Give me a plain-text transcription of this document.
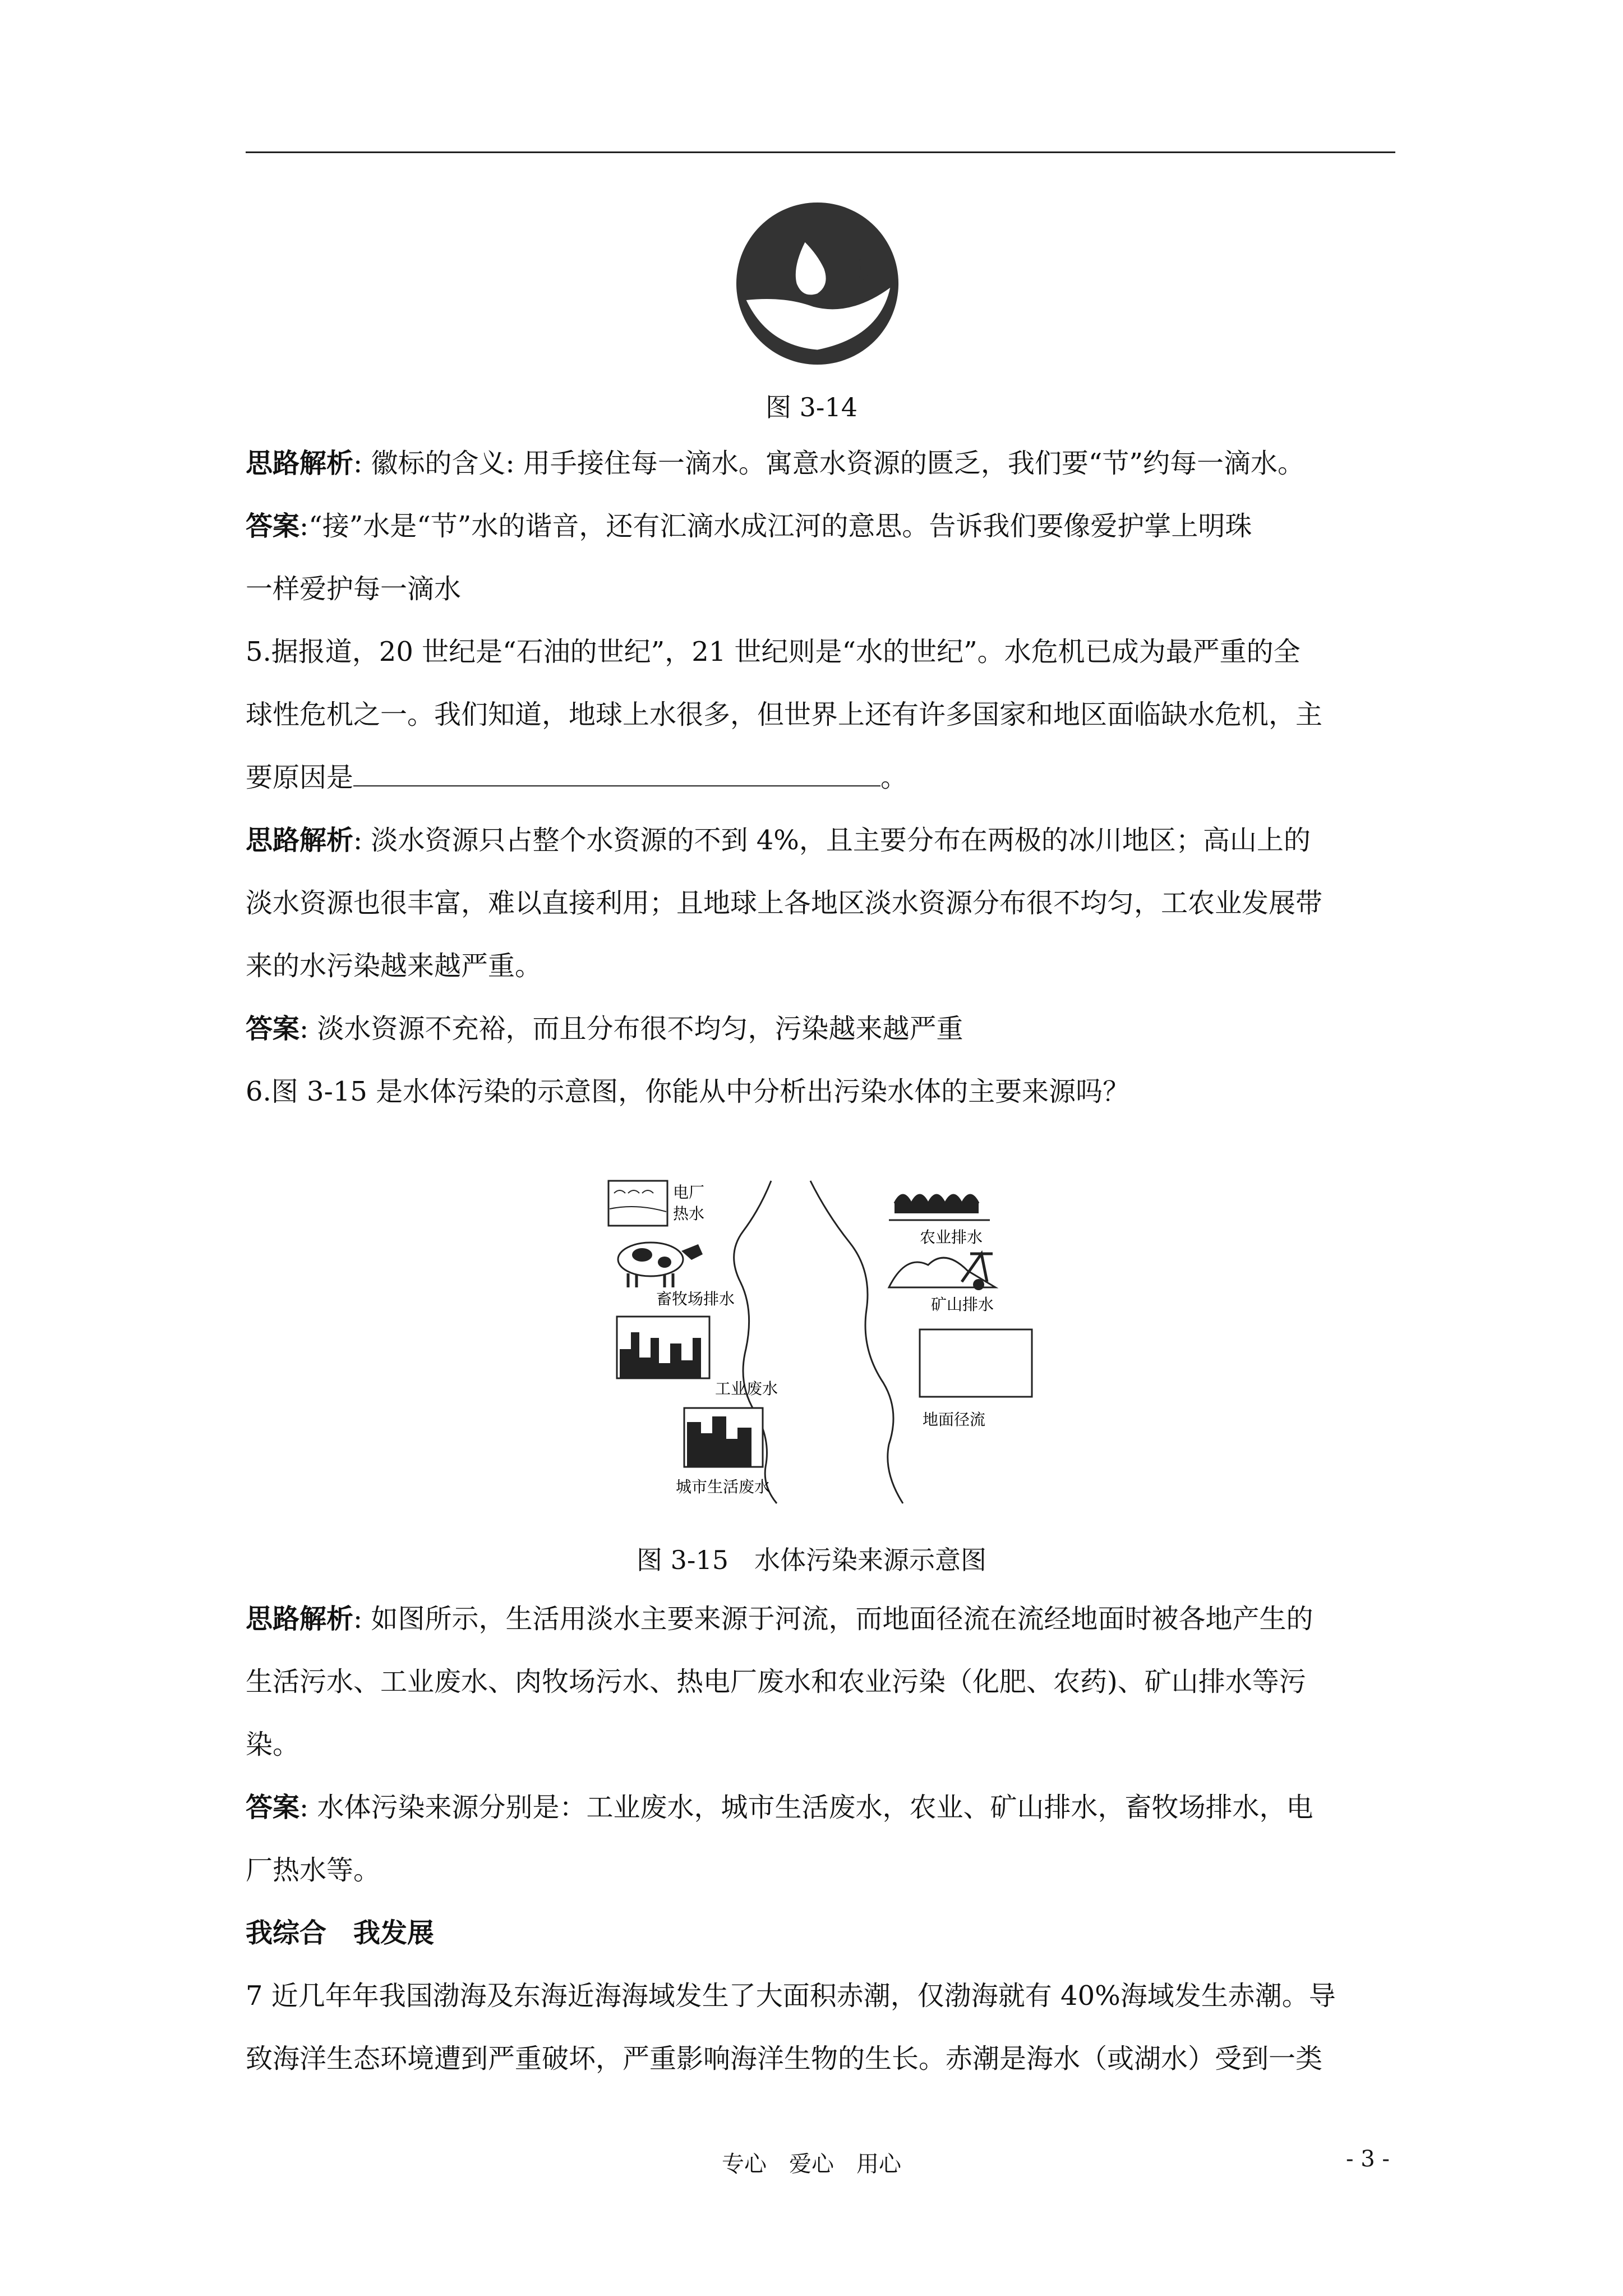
图 3-14

思路解析: 徽标的含义: 用手接住每一滴水。寓意水资源的匮乏，我们要“节”约每一滴水。

答案:“接”水是“节”水的谐音，还有汇滴水成江河的意思。告诉我们要像爱护掌上明珠

一样爱护每一滴水

5.据报道，20 世纪是“石油的世纪”，21 世纪则是“水的世纪”。水危机已成为最严重的全

球性危机之一。我们知道，地球上水很多，但世界上还有许多国家和地区面临缺水危机，主

要原因是	。

思路解析: 淡水资源只占整个水资源的不到 4%，且主要分布在两极的冰川地区；高山上的

淡水资源也很丰富，难以直接利用；且地球上各地区淡水资源分布很不均匀，工农业发展带

来的水污染越来越严重。

答案: 淡水资源不充裕，而且分布很不均匀，污染越来越严重

6.图 3-15 是水体污染的示意图，你能从中分析出污染水体的主要来源吗？

电厂
热水
畜牧场排水
工业废水
城市生活废水
农业排水
矿山排水
地面径流
图 3-15　水体污染来源示意图

思路解析: 如图所示，生活用淡水主要来源于河流，而地面径流在流经地面时被各地产生的

生活污水、工业废水、肉牧场污水、热电厂废水和农业污染（化肥、农药)、矿山排水等污

染。

答案: 水体污染来源分别是：工业废水，城市生活废水，农业、矿山排水，畜牧场排水，电

厂热水等。

我综合　我发展

7 近几年年我国渤海及东海近海海域发生了大面积赤潮，仅渤海就有 40%海域发生赤潮。导

致海洋生态环境遭到严重破坏，严重影响海洋生物的生长。赤潮是海水（或湖水）受到一类

专心　爱心　用心	- 3 -
